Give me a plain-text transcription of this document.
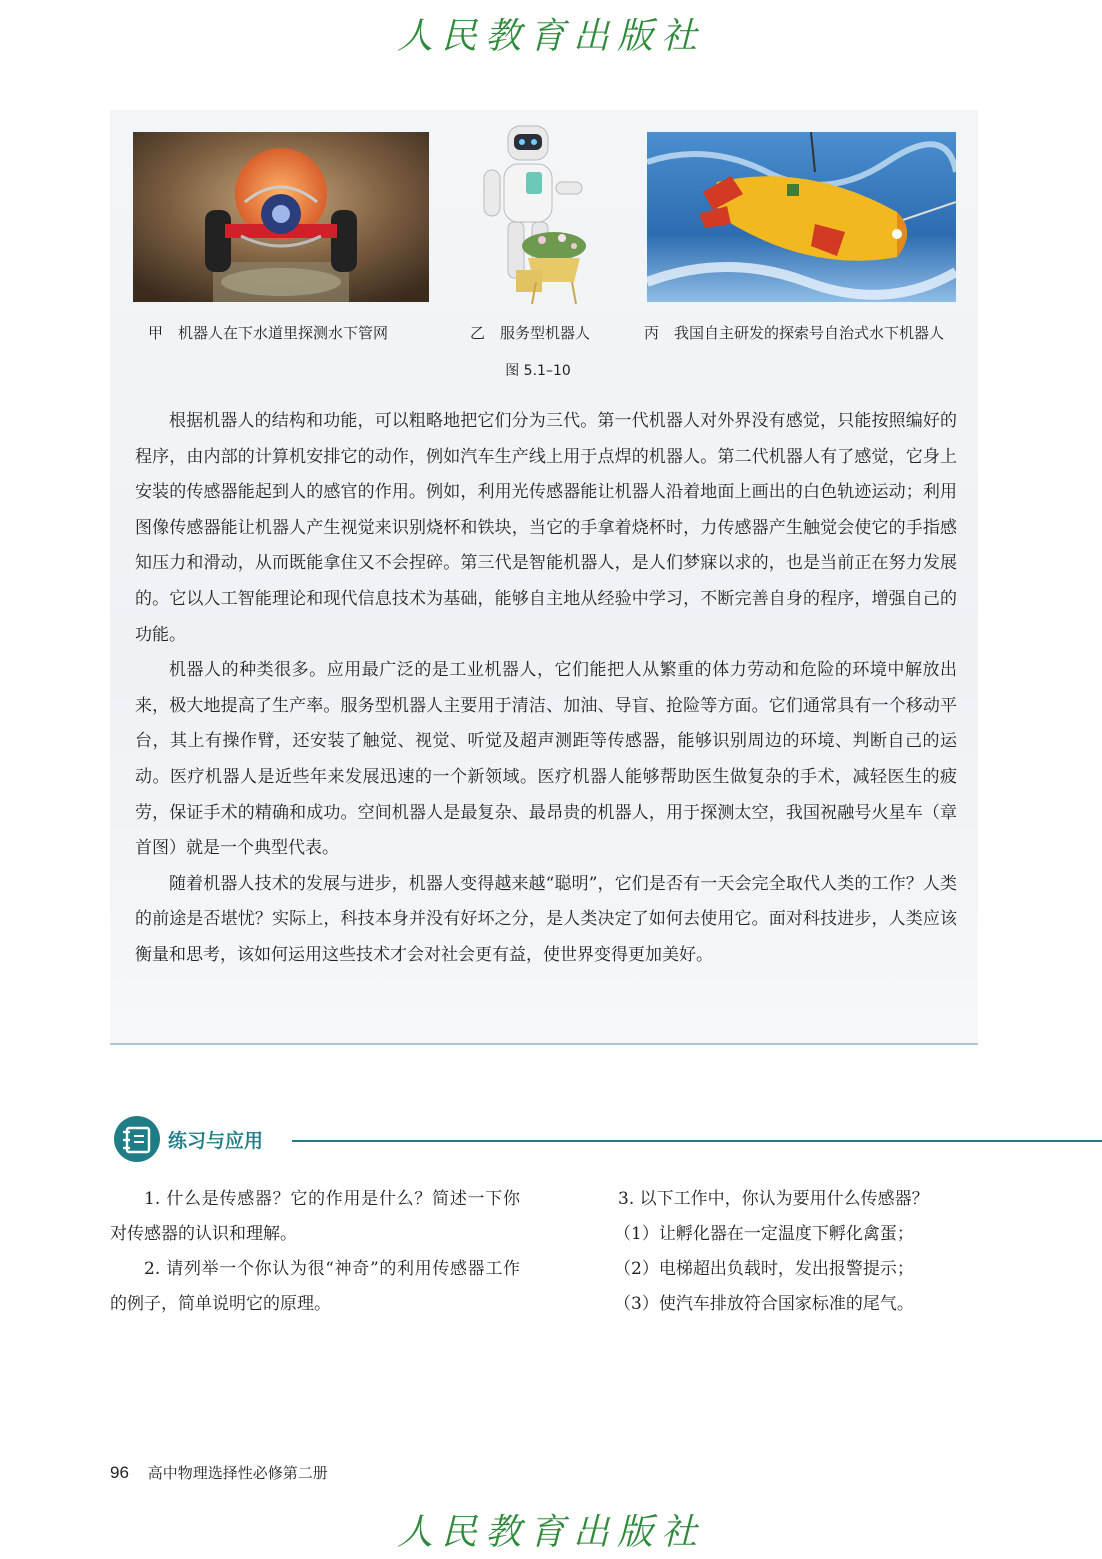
人民教育出版社
甲　机器人在下水道里探测水下管网	乙　服务型机器人	丙　我国自主研发的探索号自治式水下机器人
图 5.1–10

根据机器人的结构和功能，可以粗略地把它们分为三代。第一代机器人对外界没有感觉，只能按照编好的程序，由内部的计算机安排它的动作，例如汽车生产线上用于点焊的机器人。第二代机器人有了感觉，它身上安装的传感器能起到人的感官的作用。例如，利用光传感器能让机器人沿着地面上画出的白色轨迹运动；利用图像传感器能让机器人产生视觉来识别烧杯和铁块，当它的手拿着烧杯时，力传感器产生触觉会使它的手指感知压力和滑动，从而既能拿住又不会捏碎。第三代是智能机器人，是人们梦寐以求的，也是当前正在努力发展的。它以人工智能理论和现代信息技术为基础，能够自主地从经验中学习，不断完善自身的程序，增强自己的功能。

机器人的种类很多。应用最广泛的是工业机器人，它们能把人从繁重的体力劳动和危险的环境中解放出来，极大地提高了生产率。服务型机器人主要用于清洁、加油、导盲、抢险等方面。它们通常具有一个移动平台，其上有操作臂，还安装了触觉、视觉、听觉及超声测距等传感器，能够识别周边的环境、判断自己的运动。医疗机器人是近些年来发展迅速的一个新领域。医疗机器人能够帮助医生做复杂的手术，减轻医生的疲劳，保证手术的精确和成功。空间机器人是最复杂、最昂贵的机器人，用于探测太空，我国祝融号火星车（章首图）就是一个典型代表。

随着机器人技术的发展与进步，机器人变得越来越“聪明”，它们是否有一天会完全取代人类的工作？人类的前途是否堪忧？实际上，科技本身并没有好坏之分，是人类决定了如何去使用它。面对科技进步，人类应该衡量和思考，该如何运用这些技术才会对社会更有益，使世界变得更加美好。

练习与应用

1. 什么是传感器？它的作用是什么？简述一下你对传感器的认识和理解。

2. 请列举一个你认为很“神奇”的利用传感器工作的例子，简单说明它的原理。

3. 以下工作中，你认为要用什么传感器？

（1）让孵化器在一定温度下孵化禽蛋；

（2）电梯超出负载时，发出报警提示；

（3）使汽车排放符合国家标准的尾气。

96 高中物理选择性必修第二册
人民教育出版社
